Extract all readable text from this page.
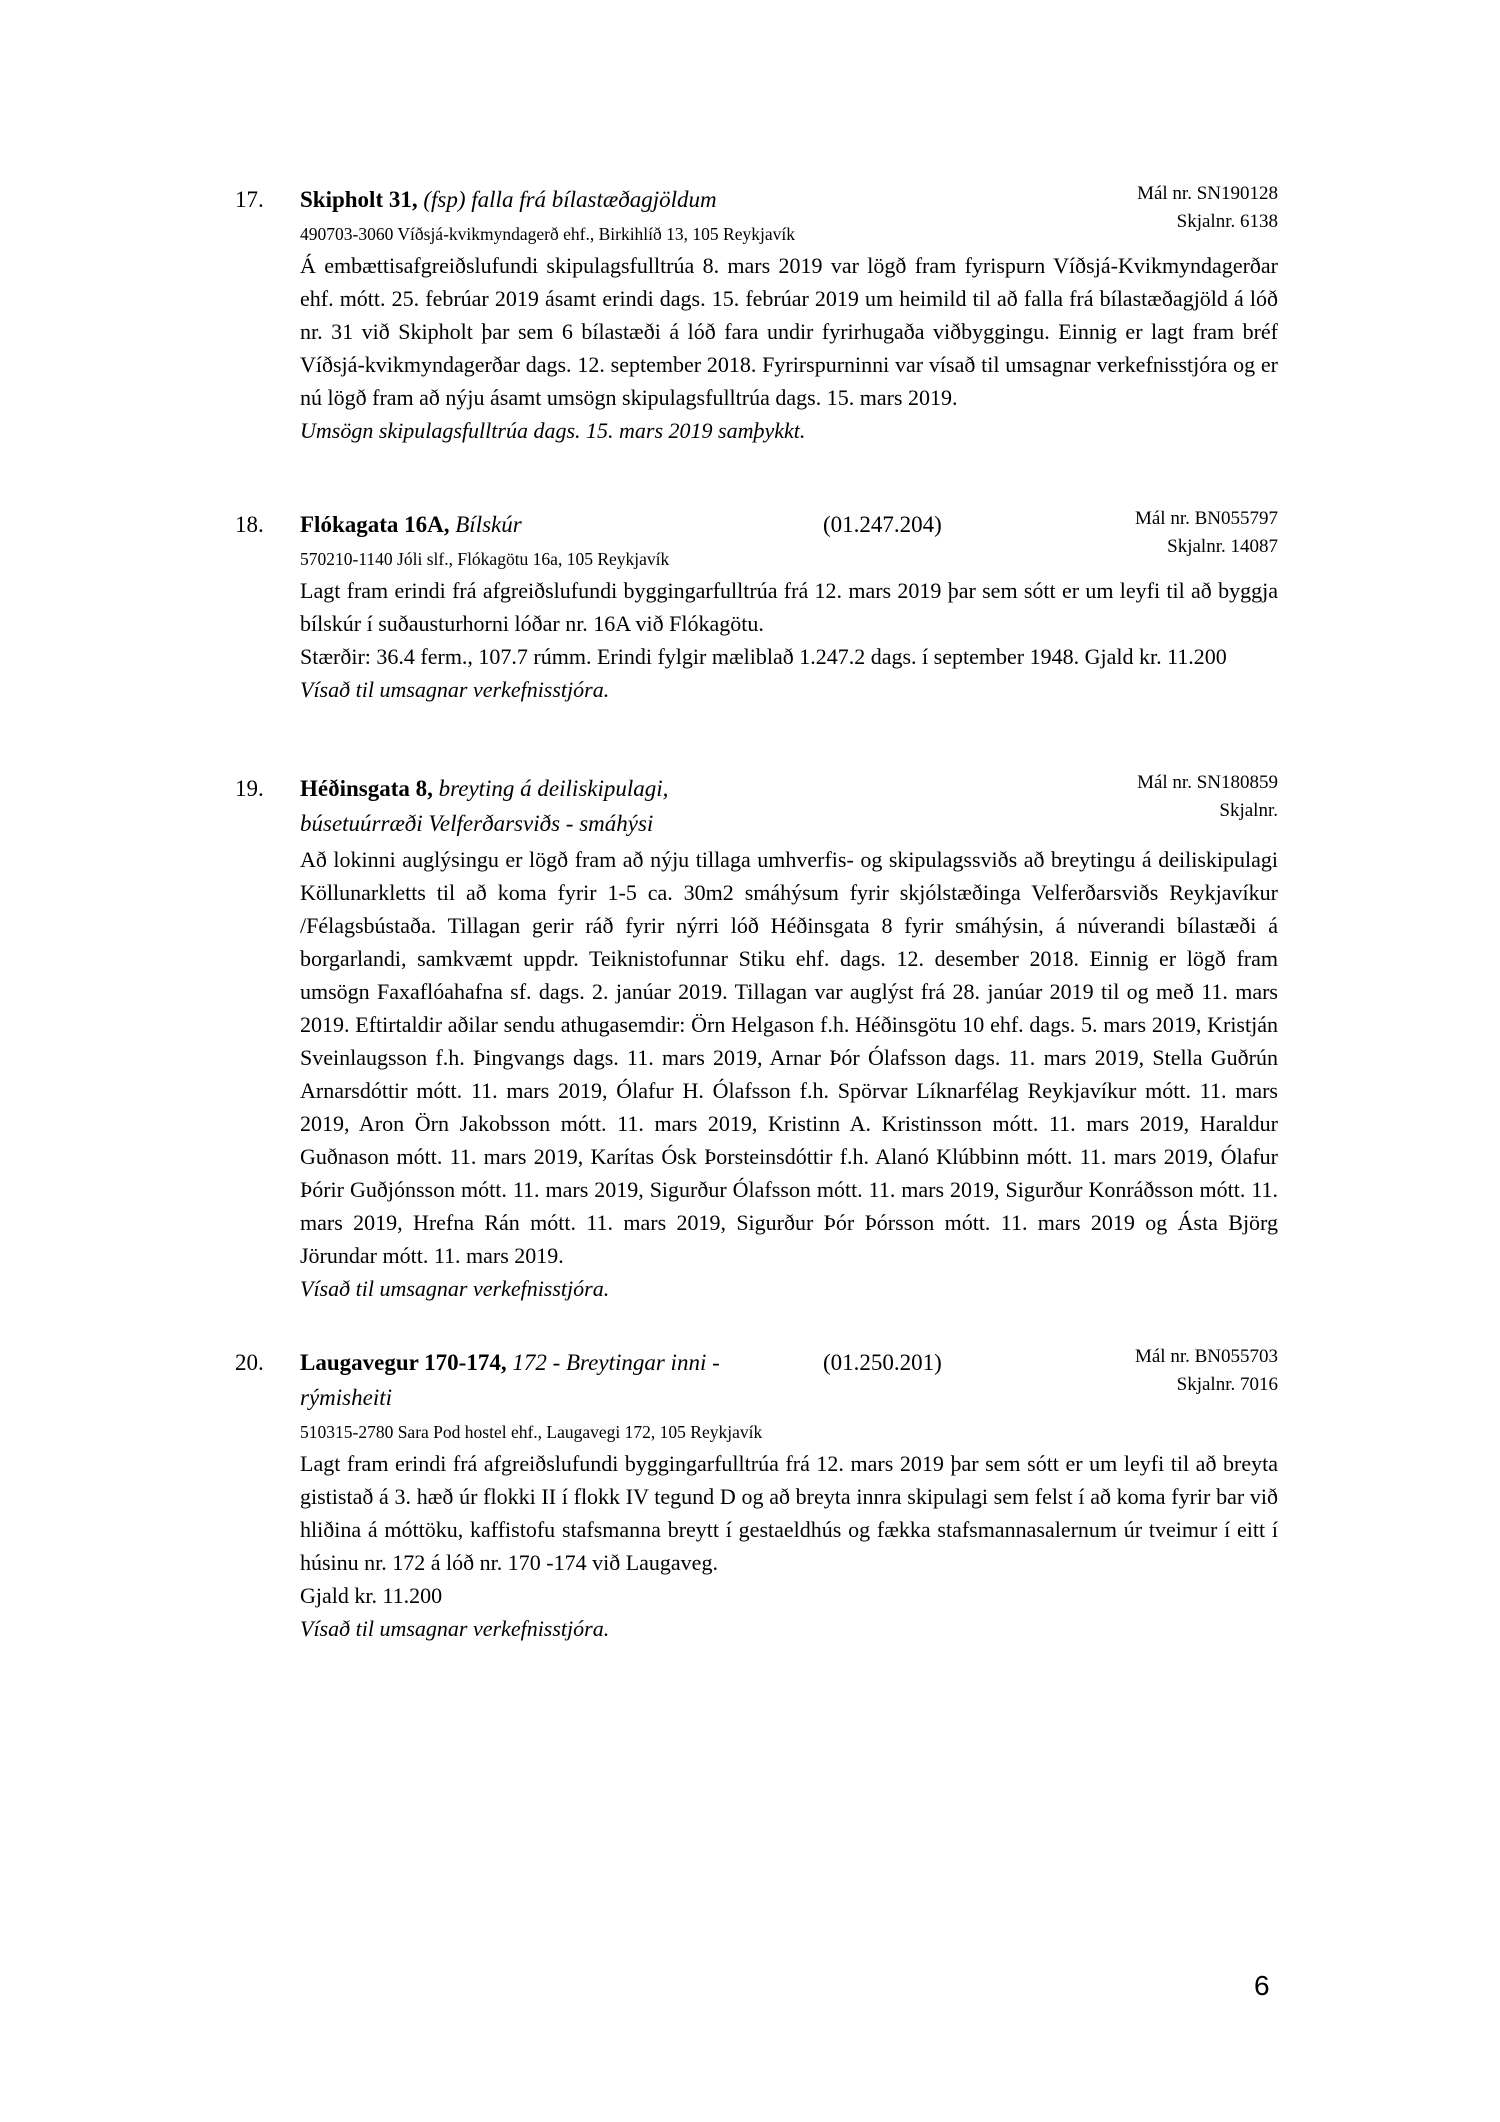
17.	Skipholt 31, (fsp) falla frá bílastæðagjöldum	Mál nr. SN190128
Skjalnr. 6138
490703-3060 Víðsjá-kvikmyndagerð ehf., Birkihlíð 13, 105 Reykjavík

Á embættisafgreiðslufundi skipulagsfulltrúa 8. mars 2019 var lögð fram fyrispurn Víðsjá-Kvikmyndagerðar ehf. mótt. 25. febrúar 2019 ásamt erindi dags. 15. febrúar 2019 um heimild til að falla frá bílastæðagjöld á lóð nr. 31 við Skipholt þar sem 6 bílastæði á lóð fara undir fyrirhugaða viðbyggingu. Einnig er lagt fram bréf Víðsjá-kvikmyndagerðar dags. 12. september 2018. Fyrirspurninni var vísað til umsagnar verkefnisstjóra og er nú lögð fram að nýju ásamt umsögn skipulagsfulltrúa dags. 15. mars 2019.

Umsögn skipulagsfulltrúa dags. 15. mars 2019 samþykkt.

18.	Flókagata 16A, Bílskúr	(01.247.204)	Mál nr. BN055797
Skjalnr. 14087
570210-1140 Jóli slf., Flókagötu 16a, 105 Reykjavík

Lagt fram erindi frá afgreiðslufundi byggingarfulltrúa frá 12. mars 2019 þar sem sótt er um leyfi til að byggja bílskúr í suðausturhorni lóðar nr. 16A við Flókagötu.

Stærðir: 36.4 ferm., 107.7 rúmm. Erindi fylgir mæliblað 1.247.2 dags. í september 1948. Gjald kr. 11.200

Vísað til umsagnar verkefnisstjóra.

19.	Héðinsgata 8, breyting á deiliskipulagi,
búsetuúrræði Velferðarsviðs - smáhýsi
Mál nr. SN180859
Skjalnr.

Að lokinni auglýsingu er lögð fram að nýju tillaga umhverfis- og skipulagssviðs að breytingu á deiliskipulagi Köllunarkletts til að koma fyrir 1-5 ca. 30m2 smáhýsum fyrir skjólstæðinga Velferðarsviðs Reykjavíkur /Félagsbústaða. Tillagan gerir ráð fyrir nýrri lóð Héðinsgata 8 fyrir smáhýsin, á núverandi bílastæði á borgarlandi, samkvæmt uppdr. Teiknistofunnar Stiku ehf. dags. 12. desember 2018. Einnig er lögð fram umsögn Faxaflóahafna sf. dags. 2. janúar 2019. Tillagan var auglýst frá 28. janúar 2019 til og með 11. mars 2019. Eftirtaldir aðilar sendu athugasemdir: Örn Helgason f.h. Héðinsgötu 10 ehf. dags. 5. mars 2019, Kristján Sveinlaugsson f.h. Þingvangs dags. 11. mars 2019, Arnar Þór Ólafsson dags. 11. mars 2019, Stella Guðrún Arnarsdóttir mótt. 11. mars 2019, Ólafur H. Ólafsson f.h. Spörvar Líknarfélag Reykjavíkur mótt. 11. mars 2019, Aron Örn Jakobsson mótt. 11. mars 2019, Kristinn A. Kristinsson mótt. 11. mars 2019, Haraldur Guðnason mótt. 11. mars 2019, Karítas Ósk Þorsteinsdóttir f.h. Alanó Klúbbinn mótt. 11. mars 2019, Ólafur Þórir Guðjónsson mótt. 11. mars 2019, Sigurður Ólafsson mótt. 11. mars 2019, Sigurður Konráðsson mótt. 11. mars 2019, Hrefna Rán mótt. 11. mars 2019, Sigurður Þór Þórsson mótt. 11. mars 2019 og Ásta Björg Jörundar mótt. 11. mars 2019.

Vísað til umsagnar verkefnisstjóra.

20.	Laugavegur 170-174, 172 - Breytingar inni -
rýmisheiti
(01.250.201)	Mál nr. BN055703
Skjalnr. 7016
510315-2780 Sara Pod hostel ehf., Laugavegi 172, 105 Reykjavík

Lagt fram erindi frá afgreiðslufundi byggingarfulltrúa frá 12. mars 2019 þar sem sótt er um leyfi til að breyta gististað á 3. hæð úr flokki II í flokk IV tegund D og að breyta innra skipulagi sem felst í að koma fyrir bar við hliðina á móttöku, kaffistofu stafsmanna breytt í gestaeldhús og fækka stafsmannasalernum úr tveimur í eitt í húsinu nr. 172 á lóð nr. 170 -174 við Laugaveg.

Gjald kr. 11.200

Vísað til umsagnar verkefnisstjóra.

6
